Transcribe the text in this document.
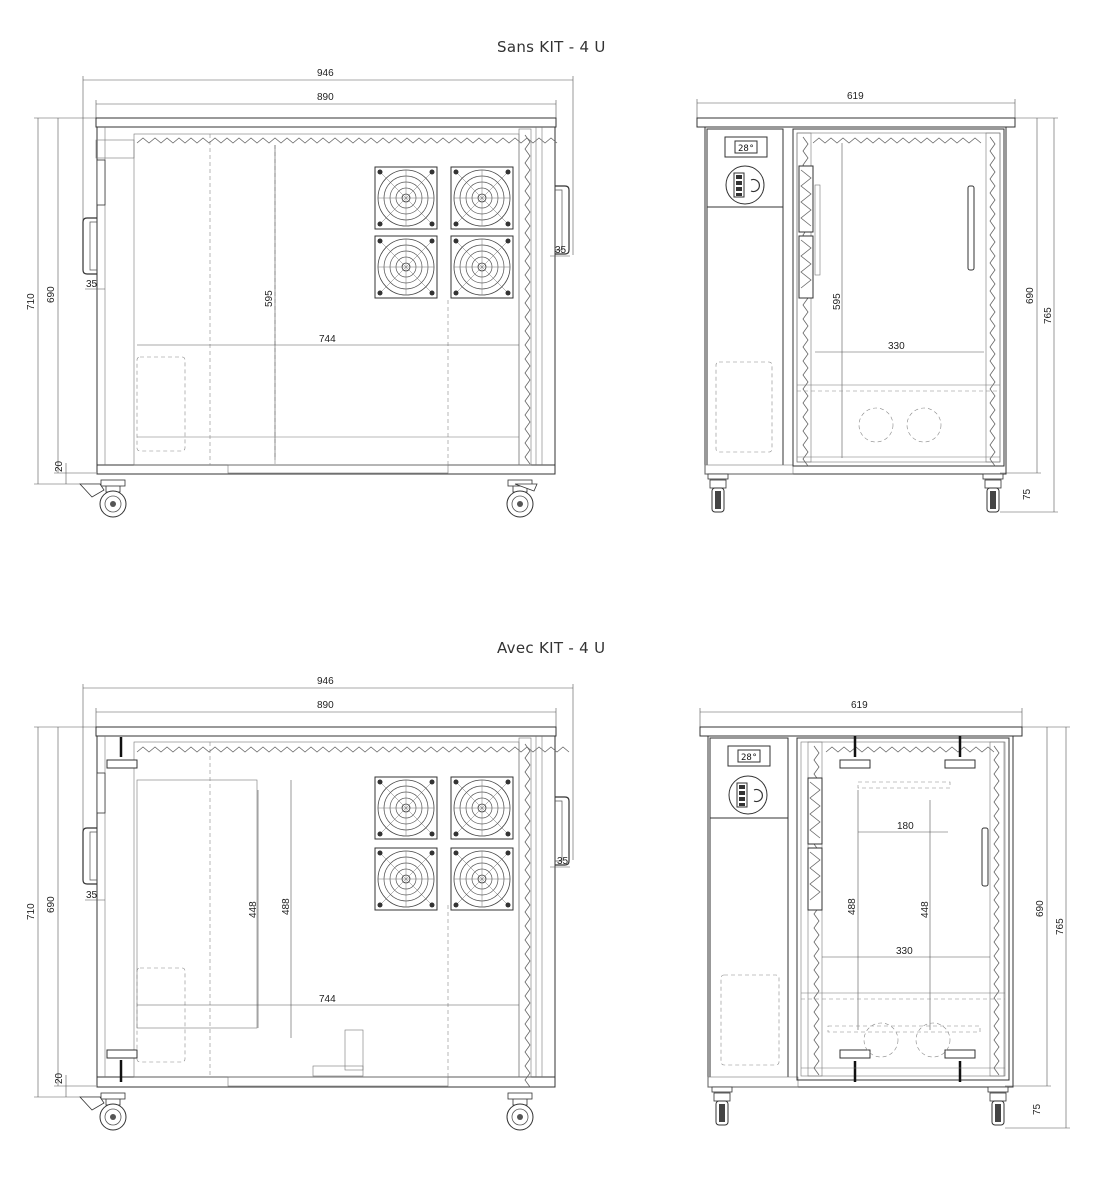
Sans KIT - 4 U
Avec KIT - 4 U
946
890
710 690
35
35
595
744
20
28°
619
595
330
690
765
75
946
890
710 690
35
35
448 488
744
20
28°
619
180
488	448
330
690
765
75
